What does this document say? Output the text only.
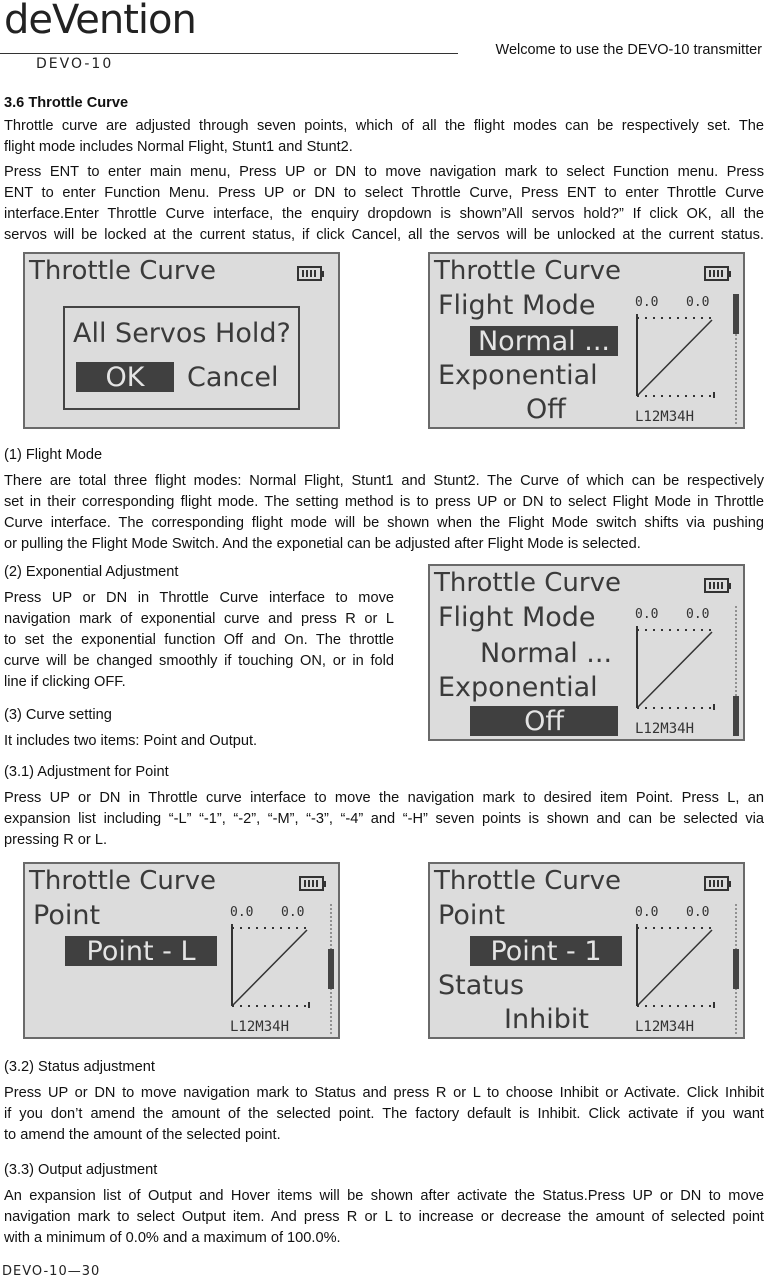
deVention
DEVO-10
Welcome to use the DEVO-10 transmitter
3.6 Throttle Curve
Throttle curve are adjusted through seven points, which of all the flight modes can be respectively set. The
flight mode includes Normal Flight, Stunt1 and Stunt2.
Press ENT to enter main menu, Press UP or DN to move navigation mark to select Function menu. Press
ENT to enter Function Menu. Press UP or DN to select Throttle Curve, Press ENT to enter Throttle Curve
interface.Enter Throttle Curve interface, the enquiry dropdown is shown”All servos hold?” If click OK, all the
servos will be locked at the current status, if click Cancel, all the servos will be unlocked at the current status.
Throttle Curve
All Servos Hold?
OK	Cancel
Throttle Curve
Flight Mode
Normal ...
Exponential
Off
0.0 0.0
L12M34H
(1) Flight Mode
There are total three flight modes: Normal Flight, Stunt1 and Stunt2. The Curve of which can be respectively
set in their corresponding flight mode. The setting method is to press UP or DN to select Flight Mode in Throttle
Curve interface. The corresponding flight mode will be shown when the Flight Mode switch shifts via pushing
or pulling the Flight Mode Switch. And the exponetial can be adjusted after Flight Mode is selected.
(2) Exponential Adjustment
Press UP or DN in Throttle Curve interface to move
navigation mark of exponential curve and press R or L
to set the exponential function Off and On. The throttle
curve will be changed smoothly if touching ON, or in fold
line if clicking OFF.
(3) Curve setting
It includes two items: Point and Output.
Throttle Curve
Flight Mode
Normal ...
Exponential
Off
0.0 0.0
L12M34H
(3.1) Adjustment for Point
Press UP or DN in Throttle curve interface to move the navigation mark to desired item Point. Press L, an
expansion list including “-L” “-1”, “-2”, “-M”, “-3”, “-4” and “-H” seven points is shown and can be selected via
pressing R or L.
Throttle Curve
Point
Point - L
0.0 0.0
L12M34H
Throttle Curve
Point
Point - 1
Status
Inhibit
0.0 0.0
L12M34H
(3.2) Status adjustment
Press UP or DN to move navigation mark to Status and press R or L to choose Inhibit or Activate. Click Inhibit
if you don’t amend the amount of the selected point. The factory default is Inhibit. Click activate if you want
to amend the amount of the selected point.
(3.3) Output adjustment
An expansion list of Output and Hover items will be shown after activate the Status.Press UP or DN to move
navigation mark to select Output item. And press R or L to increase or decrease the amount of selected point
with a minimum of 0.0% and a maximum of 100.0%.
DEVO-10—30
